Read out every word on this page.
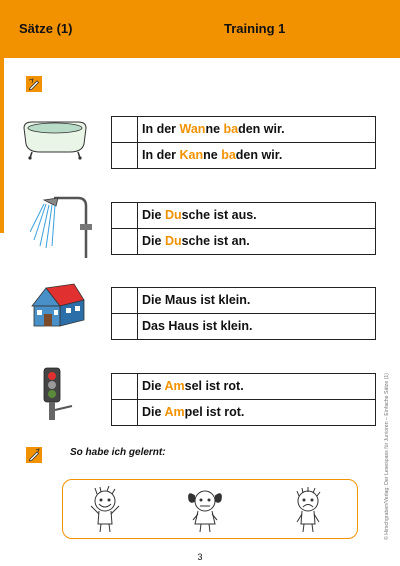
Sätze (1)	Training 1
In der Wanne baden wir.
In der Kanne baden wir.
Die Dusche ist aus.
Die Dusche ist an.
Die Maus ist klein.
Das Haus ist klein.
Die Amsel ist rot.
Die Ampel ist rot.
So habe ich gelernt:
3
© Hirschgraben/Verlag: Der Lesespass für Junioren – Einfache Sätze (1)
